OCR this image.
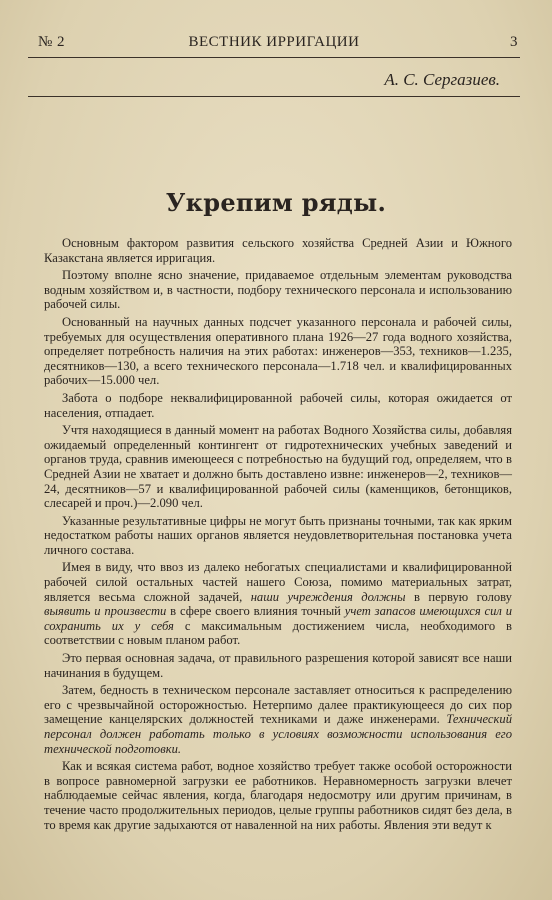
№ 2	ВЕСТНИК ИРРИГАЦИИ	3
А. С. Сергазиев.
Укрепим ряды.

Основным фактором развития сельского хозяйства Средней Азии и Южного Казакстана является ирригация.

Поэтому вполне ясно значение, придаваемое отдельным элементам руководства водным хозяйством и, в частности, подбору технического персонала и использованию рабочей силы.

Основанный на научных данных подсчет указанного персонала и рабочей силы, требуемых для осуществления оперативного плана 1926—27 года водного хозяйства, определяет потребность наличия на этих работах: инженеров—353, техников—1.235, десятников—130, а всего технического персонала—1.718 чел. и квалифицированных рабочих—15.000 чел.

Забота о подборе неквалифицированной рабочей силы, которая ожидается от населения, отпадает.

Учтя находящиеся в данный момент на работах Водного Хозяйства силы, добавляя ожидаемый определенный контингент от гидротехнических учебных заведений и органов труда, сравнив имеющееся с потребностью на будущий год, определяем, что в Средней Азии не хватает и должно быть доставлено извне: инженеров—2, техников—24, десятников—57 и квалифицированной рабочей силы (каменщиков, бетонщиков, слесарей и проч.)—2.090 чел.

Указанные результативные цифры не могут быть признаны точными, так как ярким недостатком работы наших органов является неудовлетворительная постановка учета личного состава.

Имея в виду, что ввоз из далеко небогатых специалистами и квалифицированной рабочей силой остальных частей нашего Союза, помимо материальных затрат, является весьма сложной задачей, наши учреждения должны в первую голову выявить и произвести в сфере своего влияния точный учет запасов имеющихся сил и сохранить их у себя с максимальным достижением числа, необходимого в соответствии с новым планом работ.

Это первая основная задача, от правильного разрешения которой зависят все наши начинания в будущем.

Затем, бедность в техническом персонале заставляет относиться к распределению его с чрезвычайной осторожностью. Нетерпимо далее практикующееся до сих пор замещение канцелярских должностей техниками и даже инженерами. Технический персонал должен работать только в условиях возможности использования его технической подготовки.

Как и всякая система работ, водное хозяйство требует также особой осторожности в вопросе равномерной загрузки ее работников. Неравномерность загрузки влечет наблюдаемые сейчас явления, когда, благодаря недосмотру или другим причинам, в течение часто продолжительных периодов, целые группы работников сидят без дела, в то время как другие задыхаются от наваленной на них работы. Явления эти ведут к
